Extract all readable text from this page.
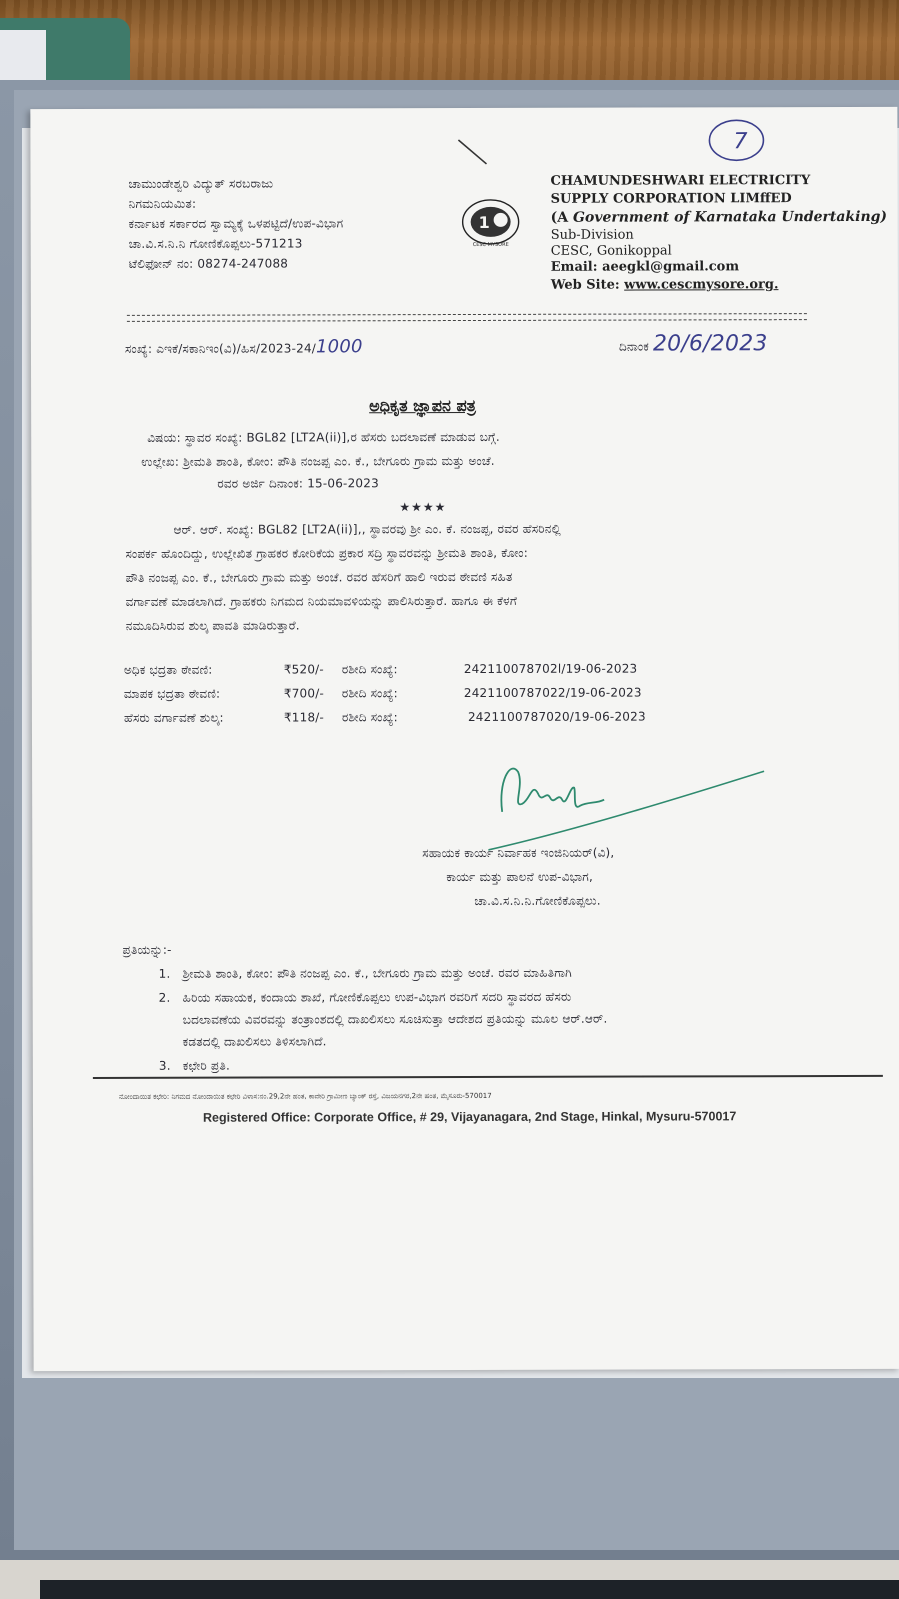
7
ಚಾಮುಂಡೇಶ್ವರಿ ವಿದ್ಯುತ್ ಸರಬರಾಜು
ನಿಗಮನಿಯಮಿತ:
ಕರ್ನಾಟಕ ಸರ್ಕಾರದ ಸ್ವಾಮ್ಯಕ್ಕೆ ಒಳಪಟ್ಟಿದೆ/ಉಪ-ವಿಭಾಗ
ಚಾ.ವಿ.ಸ.ನಿ.ನಿ ಗೋಣಿಕೊಪ್ಪಲು-571213
ಟೆಲಿಫೋನ್ ನಂ: 08274-247088
1
CESC MYSORE
CHAMUNDESHWARI ELECTRICITY
SUPPLY CORPORATION LIMffED
(A Government of Karnataka Undertaking)
Sub-Division
CESC, Gonikoppal
Email: aeegkl@gmail.com
Web Site: www.cescmysore.org.
ಸಂಖ್ಯೆ: ಎಇಕೆ/ಸಕಾನಿಇಂ(ವಿ)/ಹಿಸ/2023-24/1000	ದಿನಾಂಕ 20/6/2023
ಅಧಿಕೃತ ಜ್ಞಾಪನ ಪತ್ರ
ವಿಷಯ: ಸ್ಥಾವರ ಸಂಖ್ಯೆ: BGL82 [LT2A(ii)],ರ ಹೆಸರು ಬದಲಾವಣೆ ಮಾಡುವ ಬಗ್ಗೆ.
ಉಲ್ಲೇಖ: ಶ್ರೀಮತಿ ಶಾಂತಿ, ಕೋಂ: ಪೌತಿ ನಂಜಪ್ಪ ಎಂ. ಕೆ., ಬೇಗೂರು ಗ್ರಾಮ ಮತ್ತು ಅಂಚೆ.
ರವರ ಅರ್ಜಿ ದಿನಾಂಕ: 15-06-2023
★★★★
ಆರ್. ಆರ್. ಸಂಖ್ಯೆ: BGL82 [LT2A(ii)],, ಸ್ಥಾವರವು ಶ್ರೀ ಎಂ. ಕೆ. ನಂಜಪ್ಪ, ರವರ ಹೆಸರಿನಲ್ಲಿ
ಸಂಪರ್ಕ ಹೊಂದಿದ್ದು, ಉಲ್ಲೇಖಿತ ಗ್ರಾಹಕರ ಕೋರಿಕೆಯ ಪ್ರಕಾರ ಸದ್ರಿ ಸ್ಥಾವರವನ್ನು ಶ್ರೀಮತಿ ಶಾಂತಿ, ಕೋಂ:
ಪೌತಿ ನಂಜಪ್ಪ ಎಂ. ಕೆ., ಬೇಗೂರು ಗ್ರಾಮ ಮತ್ತು ಅಂಚೆ. ರವರ ಹೆಸರಿಗೆ ಹಾಲಿ ಇರುವ ಠೇವಣಿ ಸಹಿತ
ವರ್ಗಾವಣೆ ಮಾಡಲಾಗಿದೆ. ಗ್ರಾಹಕರು ನಿಗಮದ ನಿಯಮಾವಳಿಯನ್ನು ಪಾಲಿಸಿರುತ್ತಾರೆ. ಹಾಗೂ ಈ ಕೆಳಗೆ
ನಮೂದಿಸಿರುವ ಶುಲ್ಕ ಪಾವತಿ ಮಾಡಿರುತ್ತಾರೆ.
ಅಧಿಕ ಭದ್ರತಾ ಠೇವಣಿ:	₹520/- ರಶೀದಿ ಸಂಖ್ಯೆ:	242110078702l/19-06-2023
ಮಾಪಕ ಭದ್ರತಾ ಠೇವಣಿ:	₹700/- ರಶೀದಿ ಸಂಖ್ಯೆ:	2421100787022/19-06-2023
ಹೆಸರು ವರ್ಗಾವಣೆ ಶುಲ್ಕ:	₹118/- ರಶೀದಿ ಸಂಖ್ಯೆ:	2421100787020/19-06-2023
ಸಹಾಯಕ ಕಾರ್ಯ ನಿರ್ವಾಹಕ ಇಂಜಿನಿಯರ್(ವಿ),
ಕಾರ್ಯ ಮತ್ತು ಪಾಲನೆ ಉಪ-ವಿಭಾಗ,
ಚಾ.ವಿ.ಸ.ನಿ.ನಿ.ಗೋಣಿಕೊಪ್ಪಲು.
ಪ್ರತಿಯನ್ನು:-
1. ಶ್ರೀಮತಿ ಶಾಂತಿ, ಕೋಂ: ಪೌತಿ ನಂಜಪ್ಪ ಎಂ. ಕೆ., ಬೇಗೂರು ಗ್ರಾಮ ಮತ್ತು ಅಂಚೆ. ರವರ ಮಾಹಿತಿಗಾಗಿ
2. ಹಿರಿಯ ಸಹಾಯಕ, ಕಂದಾಯ ಶಾಖೆ, ಗೋಣಿಕೊಪ್ಪಲು ಉಪ-ವಿಭಾಗ ರವರಿಗೆ ಸದರಿ ಸ್ಥಾವರದ ಹೆಸರು
ಬದಲಾವಣೆಯ ವಿವರವನ್ನು ತಂತ್ರಾಂಶದಲ್ಲಿ ದಾಖಲಿಸಲು ಸೂಚಿಸುತ್ತಾ ಆದೇಶದ ಪ್ರತಿಯನ್ನು ಮೂಲ ಆರ್.ಆರ್.
ಕಡತದಲ್ಲಿ ದಾಖಲಿಸಲು ತಿಳಿಸಲಾಗಿದೆ.
3. ಕಛೇರಿ ಪ್ರತಿ.
ನೋಂದಾಯಿತ ಕಛೇರಿ: ನಿಗಮದ ನೋಂದಾಯಿತ ಕಛೇರಿ ವಿಳಾಸ:ನಂ.29,2ನೇ ಹಂತ, ಕಾವೇರಿ ಗ್ರಾಮೀಣ ಬ್ಯಾಂಕ್ ರಸ್ತೆ, ವಿಜಯನಗರ,2ನೇ ಹಂತ, ಮೈಸೂರು-570017
Registered Office: Corporate Office, # 29, Vijayanagara, 2nd Stage, Hinkal, Mysuru-570017
